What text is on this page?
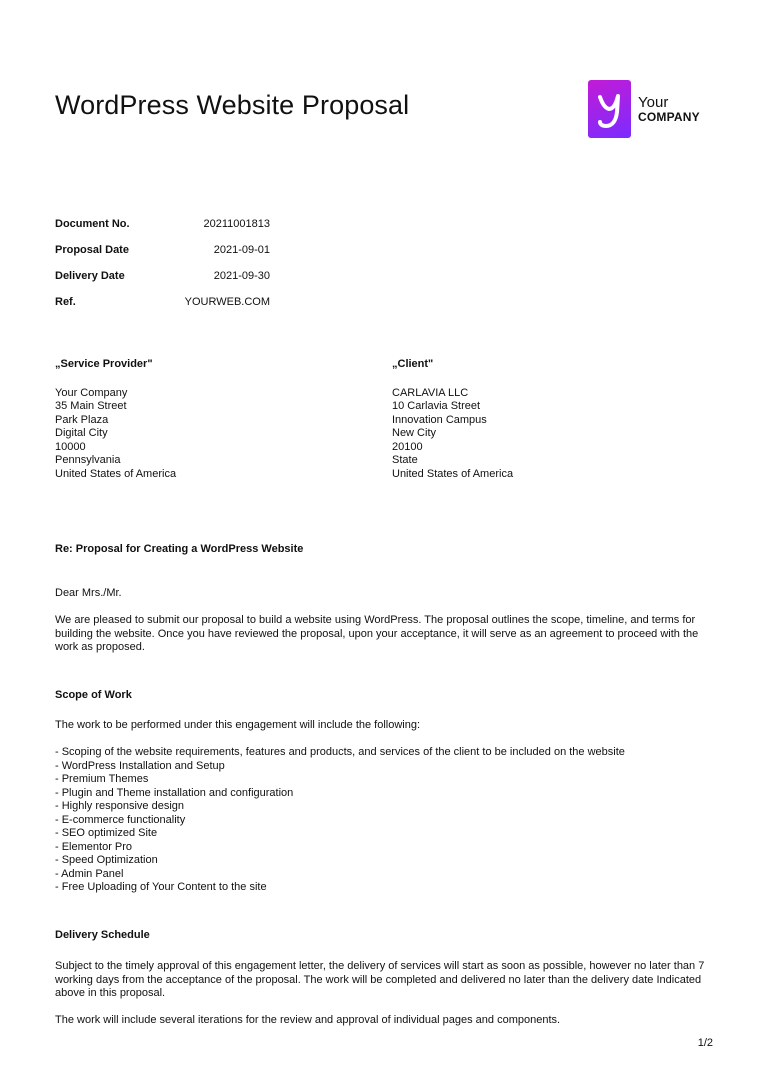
WordPress Website Proposal	Your
COMPANY
Document No.	20211001813
Proposal Date	2021-09-01
Delivery Date	2021-09-30
Ref.	YOURWEB.COM
„Service Provider"
Your Company
35 Main Street
Park Plaza
Digital City
10000
Pennsylvania
United States of America
„Client"
CARLAVIA LLC
10 Carlavia Street
Innovation Campus
New City
20100
State
United States of America
Re: Proposal for Creating a WordPress Website
Dear Mrs./Mr.
We are pleased to submit our proposal to build a website using WordPress. The proposal outlines the scope, timeline, and terms for building the website. Once you have reviewed the proposal, upon your acceptance, it will serve as an agreement to proceed with the work as proposed.
Scope of Work
The work to be performed under this engagement will include the following:
- Scoping of the website requirements, features and products, and services of the client to be included on the website
- WordPress Installation and Setup
- Premium Themes
- Plugin and Theme installation and configuration
- Highly responsive design
- E-commerce functionality
- SEO optimized Site
- Elementor Pro
- Speed Optimization
- Admin Panel
- Free Uploading of Your Content to the site
Delivery Schedule
Subject to the timely approval of this engagement letter, the delivery of services will start as soon as possible, however no later than 7 working days from the acceptance of the proposal. The work will be completed and delivered no later than the delivery date Indicated above in this proposal.
The work will include several iterations for the review and approval of individual pages and components.
1/2
